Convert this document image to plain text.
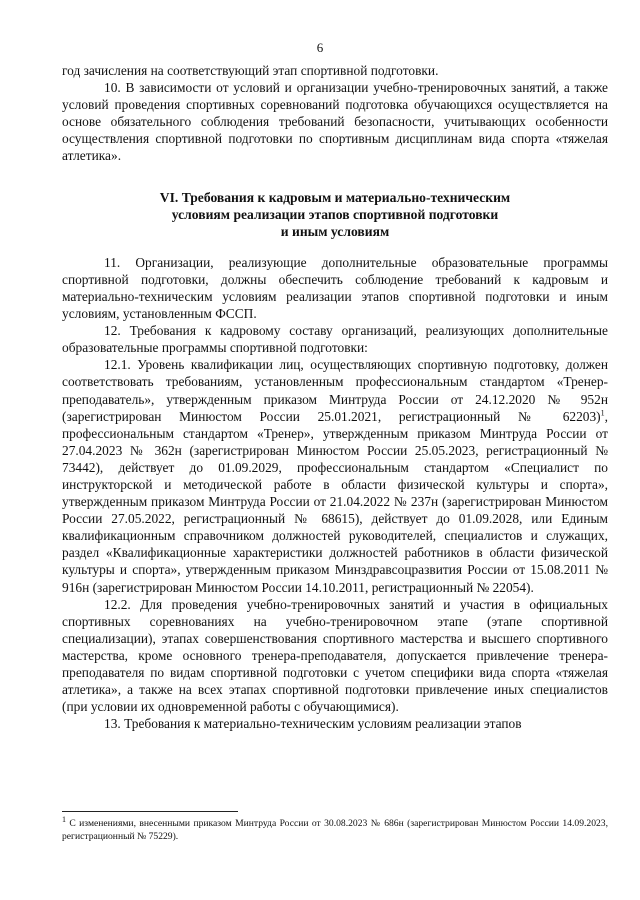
6

год зачисления на соответствующий этап спортивной подготовки.

10. В зависимости от условий и организации учебно-тренировочных занятий, а также условий проведения спортивных соревнований подготовка обучающихся осуществляется на основе обязательного соблюдения требований безопасности, учитывающих особенности осуществления спортивной подготовки по спортивным дисциплинам вида спорта «тяжелая атлетика».

VI. Требования к кадровым и материально-техническим
условиям реализации этапов спортивной подготовки
и иным условиям

11. Организации, реализующие дополнительные образовательные программы спортивной подготовки, должны обеспечить соблюдение требований к кадровым и материально-техническим условиям реализации этапов спортивной подготовки и иным условиям, установленным ФССП.

12. Требования к кадровому составу организаций, реализующих дополнительные образовательные программы спортивной подготовки:

12.1. Уровень квалификации лиц, осуществляющих спортивную подготовку, должен соответствовать требованиям, установленным профессиональным стандартом «Тренер-преподаватель», утвержденным приказом Минтруда России от 24.12.2020 № 952н (зарегистрирован Минюстом России 25.01.2021, регистрационный № 62203)$^1$, профессиональным стандартом «Тренер», утвержденным приказом Минтруда России от 27.04.2023 № 362н (зарегистрирован Минюстом России 25.05.2023, регистрационный № 73442), действует до 01.09.2029, профессиональным стандартом «Специалист по инструкторской и методической работе в области физической культуры и спорта», утвержденным приказом Минтруда России от 21.04.2022 № 237н (зарегистрирован Минюстом России 27.05.2022, регистрационный № 68615), действует до 01.09.2028, или Единым квалификационным справочником должностей руководителей, специалистов и служащих, раздел «Квалификационные характеристики должностей работников в области физической культуры и спорта», утвержденным приказом Минздравсоцразвития России от 15.08.2011 № 916н (зарегистрирован Минюстом России 14.10.2011, регистрационный № 22054).

12.2. Для проведения учебно-тренировочных занятий и участия в официальных спортивных соревнованиях на учебно-тренировочном этапе (этапе спортивной специализации), этапах совершенствования спортивного мастерства и высшего спортивного мастерства, кроме основного тренера-преподавателя, допускается привлечение тренера-преподавателя по видам спортивной подготовки с учетом специфики вида спорта «тяжелая атлетика», а также на всех этапах спортивной подготовки привлечение иных специалистов (при условии их одновременной работы с обучающимися).

13. Требования к материально-техническим условиям реализации этапов

$^1$ С изменениями, внесенными приказом Минтруда России от 30.08.2023 № 686н (зарегистрирован Минюстом России 14.09.2023, регистрационный № 75229).
